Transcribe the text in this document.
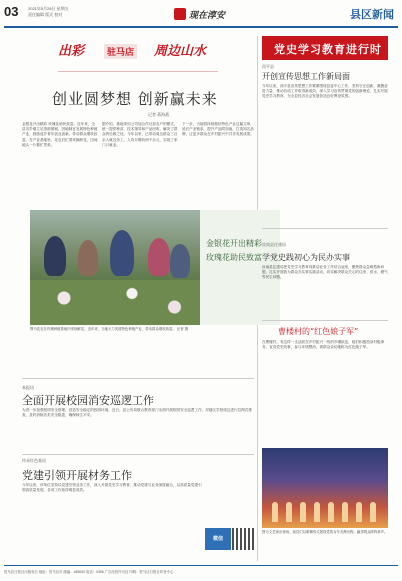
03 2021年5月28日 星期五
责任编辑 版式 校对	现在淳安	县区新闻
出彩	驻马店 周边山水
创业圆梦想 创新赢未来
记者 蒋海燕
金银花开出精彩 玫瑰花助民致富。近年来，全县各乡镇立足资源禀赋，因地制宜发展特色种植产业，鼓励返乡青年创业创新，带动群众增收致富。在产业基地里，花农们忙着采摘鲜花，田间地头一片繁忙景象。
据介绍，基地采用公司加合作社加农户的模式，统一提供种苗、技术指导和产品回收，解决了群众的后顾之忧。今年以来，已带动周边群众三百余人就近务工，人均月增收两千余元，实现了家门口就业。
下一步，当地将持续做好特色产业这篇文章，延长产业链条，提升产品附加值，打造知名品牌，让更多群众在乡村振兴中共享发展成果。
金银花开出精彩
玫瑰花助民致富
图为花农在玫瑰种植基地内采摘鲜花。近年来，当地大力发展特色种植产业，带动群众增收致富。 记者 摄
本报讯
全面开展校园消安巡逻工作
为进一步加强校园安全管理，营造安全稳定的校园环境，近日，县公安局联合教育部门全面开展校园安全巡逻工作，对辖区学校周边进行拉网式排查，及时消除各类安全隐患，确保师生平安。
传承红色基因
党建引领开展材务工作
今年以来，该单位坚持以党建引领业务工作，深入开展党史学习教育，推动党建与业务深度融合，以高质量党建引领高质量发展，各项工作取得明显成效。
微信
党史学习教育进行时
西平县
开创宣传思想工作新局面
今年以来，西平县宣传思想工作紧紧围绕县委中心工作，坚持守正创新，凝聚奋进力量，推动各项工作取得新成效。深入学习宣传贯彻党的创新理论，扎实开展党史学习教育，为全县经济社会发展营造良好舆论氛围。
汝南县住建局
学党史践初心为民办实事
汝南县住建局把党史学习教育同推动业务工作结合起来，聚焦群众急难愁盼问题，扎实开展我为群众办实事实践活动，切实解决群众关心的住房、供水、燃气等民生问题。
曹楼村的“红色娘子军”
在曹楼村，有这样一支活跃在乡村振兴一线的巾帼队伍，她们积极投身村级事务，宣讲党史故事，参与环境整治，被群众亲切地称为红色娘子军。
图为文艺演出现场。演员们以歌舞形式展现党的百年光辉历程，赢得观众阵阵掌声。
驻马店日报社出版发行 地址：驻马店市 邮编：463000 电话：0396 广告经营许可证 印刷：驻马店日报社印务中心
